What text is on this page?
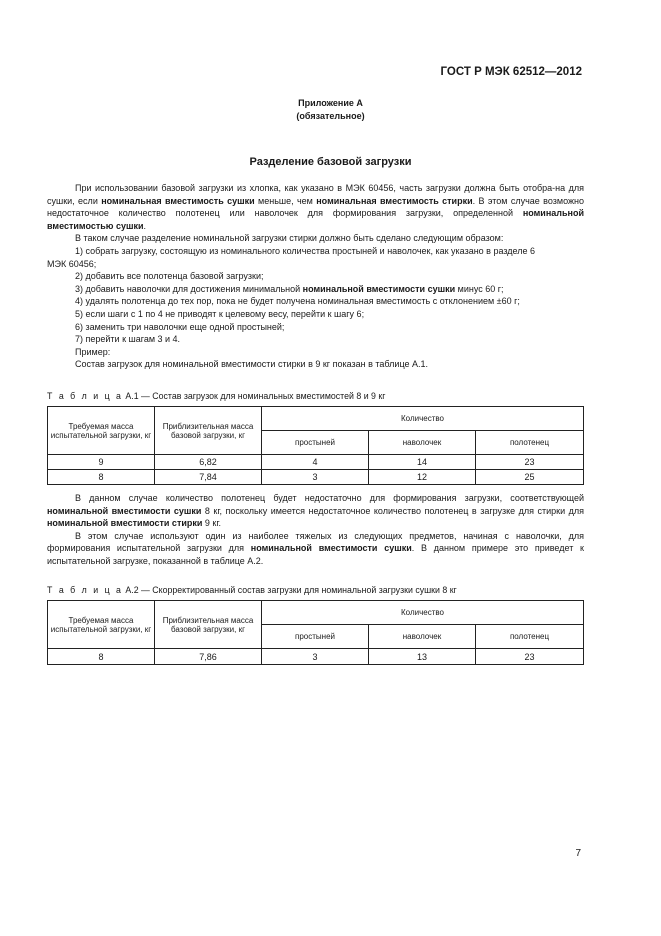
ГОСТ Р МЭК 62512—2012
Приложение А
(обязательное)
Разделение базовой загрузки

При использовании базовой загрузки из хлопка, как указано в МЭК 60456, часть загрузки должна быть отобра-на для сушки, если номинальная вместимость сушки меньше, чем номинальная вместимость стирки. В этом случае возможно недостаточное количество полотенец или наволочек для формирования загрузки, определенной номинальной вместимостью сушки.

В таком случае разделение номинальной загрузки стирки должно быть сделано следующим образом:

1) собрать загрузку, состоящую из номинального количества простыней и наволочек, как указано в разделе 6

МЭК 60456;

2) добавить все полотенца базовой загрузки;

3) добавить наволочки для достижения минимальной номинальной вместимости сушки минус 60 г;

4) удалять полотенца до тех пор, пока не будет получена номинальная вместимость с отклонением ±60 г;

5) если шаги с 1 по 4 не приводят к целевому весу, перейти к шагу 6;

6) заменить три наволочки еще одной простыней;

7) перейти к шагам 3 и 4.

Пример:

Состав загрузок для номинальной вместимости стирки в 9 кг показан в таблице А.1.

Т а б л и ц а А.1 — Состав загрузок для номинальных вместимостей 8 и 9 кг
Требуемая масса испытательной загрузки, кг	Приблизительная масса базовой загрузки, кг	Количество		
		простыней	наволочек	полотенец
9	6,82	4	14	23
8	7,84	3	12	25

В данном случае количество полотенец будет недостаточно для формирования загрузки, соответствующей номинальной вместимости сушки 8 кг, поскольку имеется недостаточное количество полотенец в загрузке для стирки для номинальной вместимости стирки 9 кг.

В этом случае используют один из наиболее тяжелых из следующих предметов, начиная с наволочки, для формирования испытательной загрузки для номинальной вместимости сушки. В данном примере это приведет к испытательной загрузке, показанной в таблице А.2.

Т а б л и ц а А.2 — Скорректированный состав загрузки для номинальной загрузки сушки 8 кг
Требуемая масса испытательной загрузки, кг	Приблизительная масса базовой загрузки, кг	Количество		
		простыней	наволочек	полотенец
8	7,86	3	13	23
7
